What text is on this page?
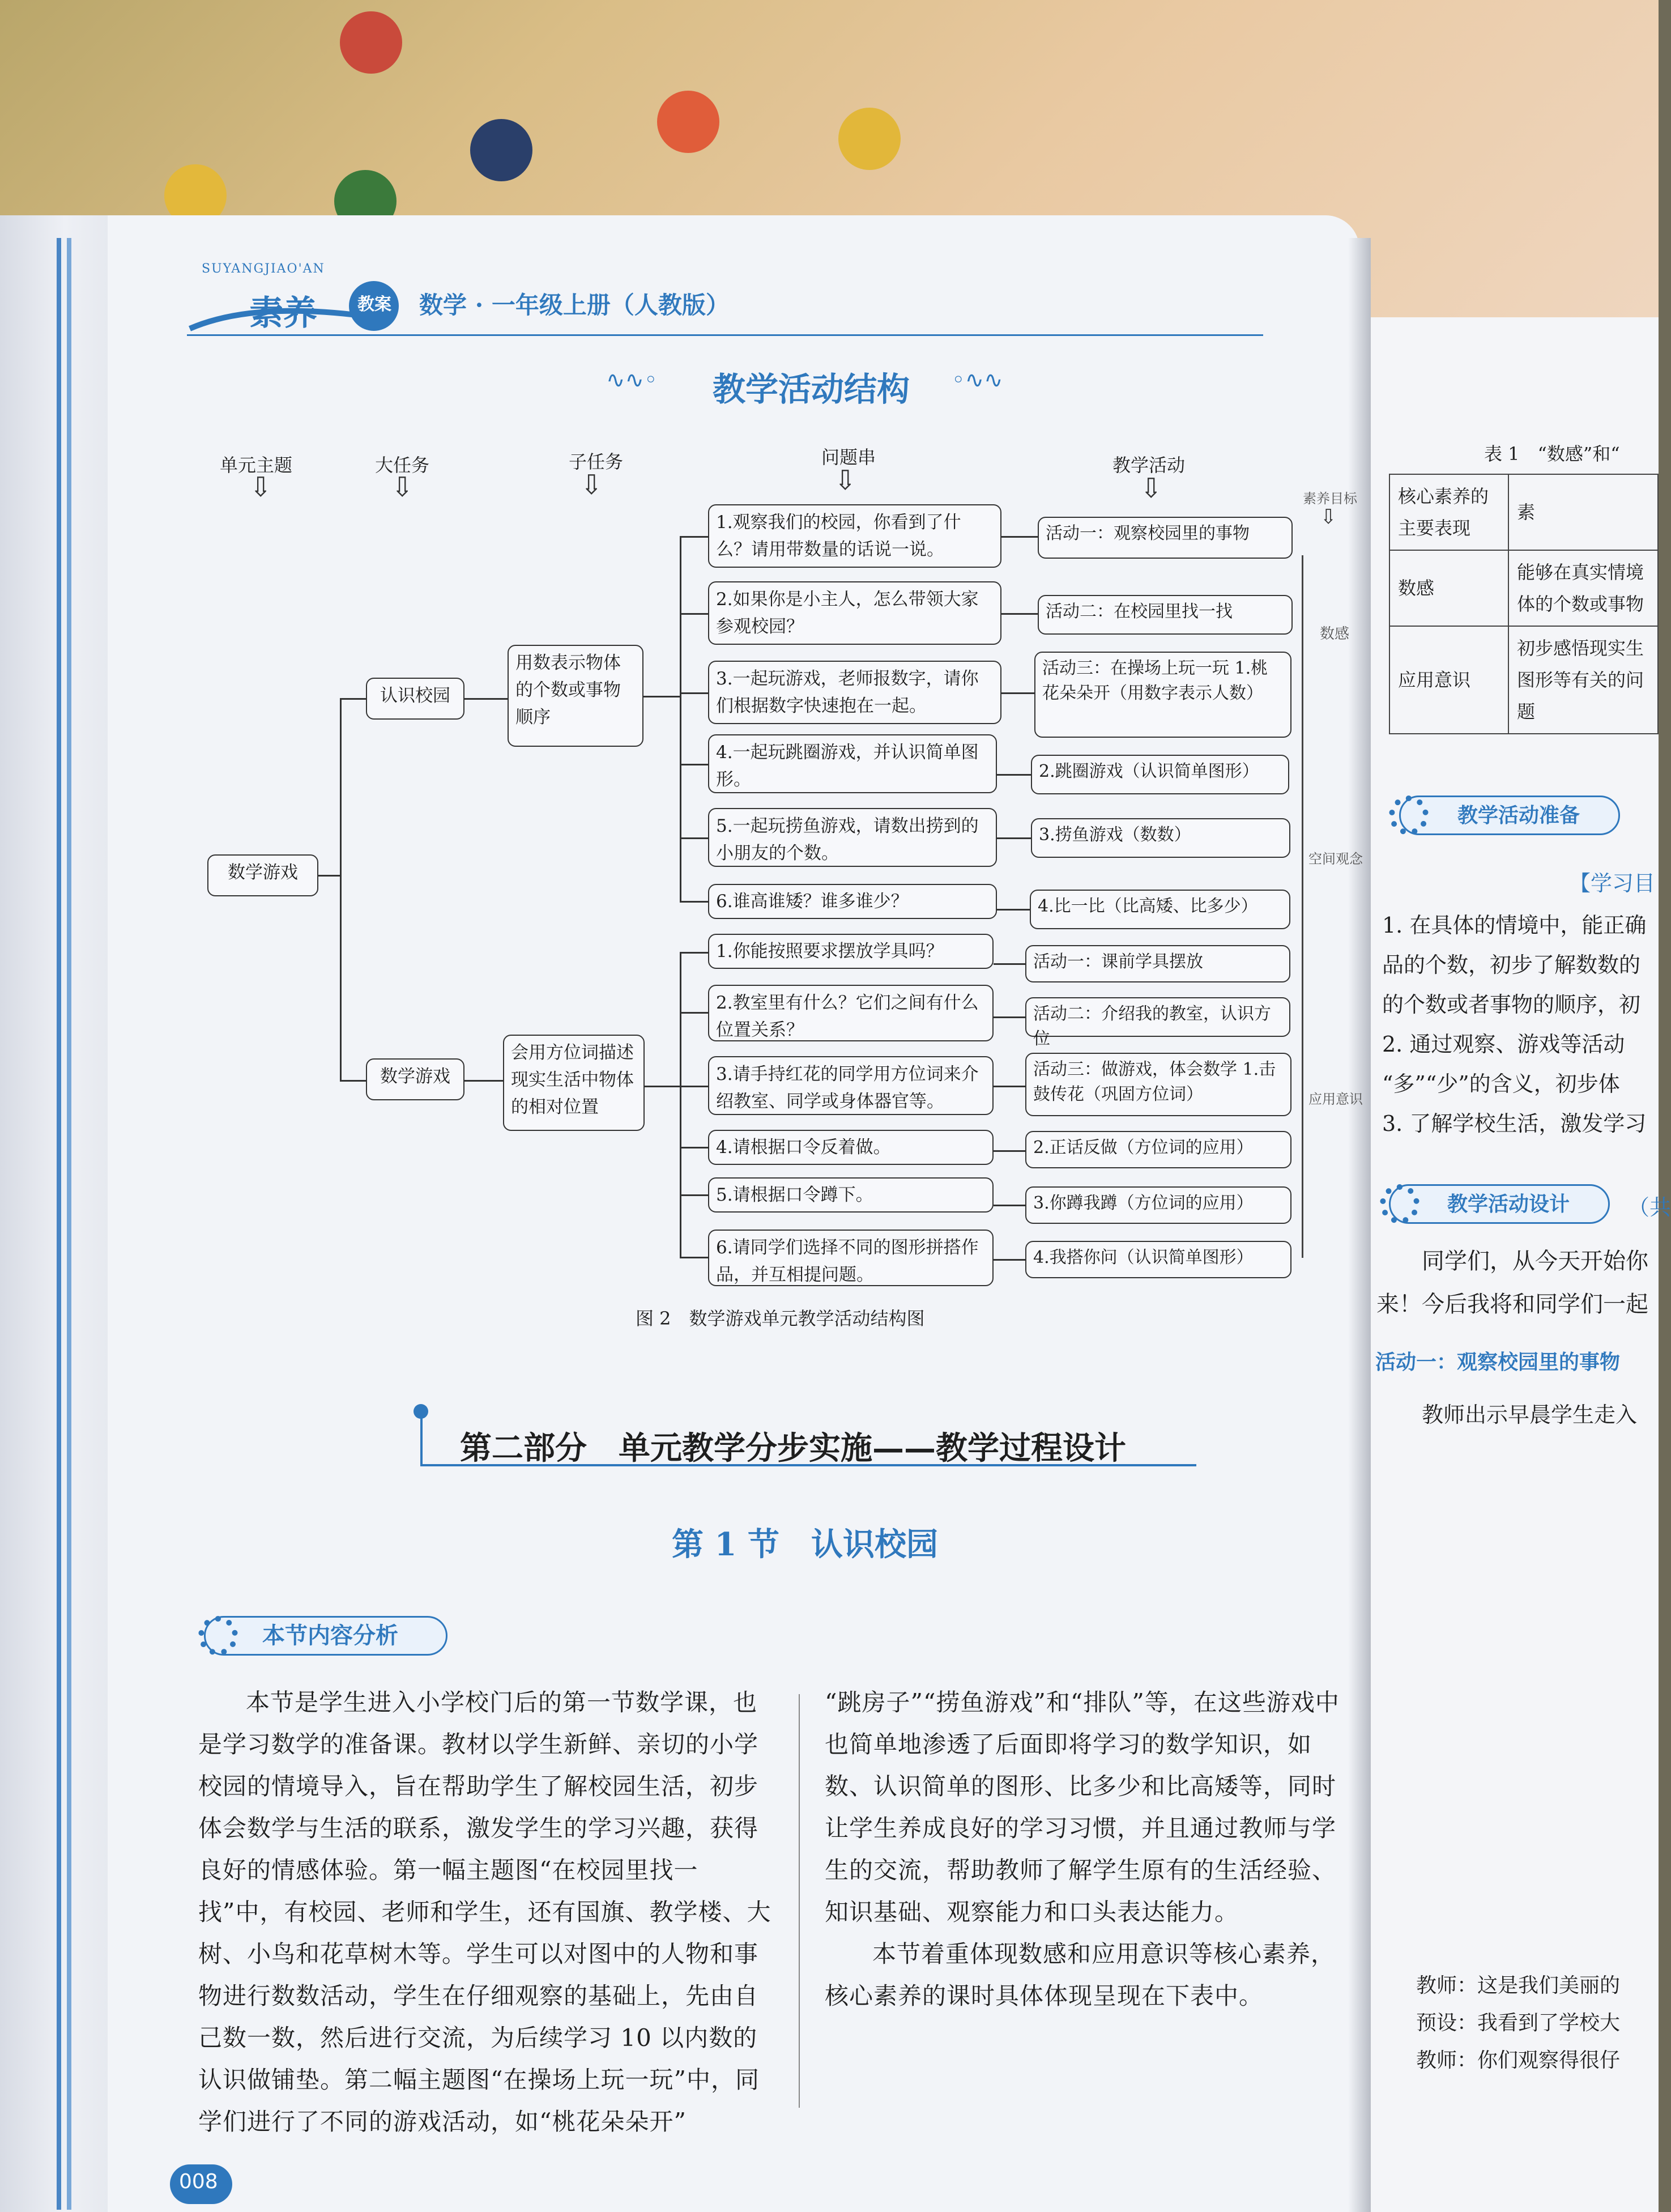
SUYANGJIAO'AN
素养	教案	数学 · 一年级上册（人教版）
∿∿◦ 教学活动结构 ◦∿∿
单元主题	大任务	子任务	问题串	教学活动
⇩	⇩	⇩	⇩	⇩
数学游戏
认识校园
数学游戏
用数表示物体的个数或事物顺序
会用方位词描述现实生活中物体的相对位置
1.观察我们的校园，你看到了什么？请用带数量的话说一说。
2.如果你是小主人，怎么带领大家参观校园？
3.一起玩游戏，老师报数字，请你们根据数字快速抱在一起。
4.一起玩跳圈游戏，并认识简单图形。
5.一起玩捞鱼游戏，请数出捞到的小朋友的个数。
6.谁高谁矮？谁多谁少？
1.你能按照要求摆放学具吗？
2.教室里有什么？它们之间有什么位置关系？
3.请手持红花的同学用方位词来介绍教室、同学或身体器官等。
4.请根据口令反着做。
5.请根据口令蹲下。
6.请同学们选择不同的图形拼搭作品，并互相提问题。
活动一：观察校园里的事物
活动二：在校园里找一找
活动三：在操场上玩一玩 1.桃花朵朵开（用数字表示人数）
2.跳圈游戏（认识简单图形）
3.捞鱼游戏（数数）
4.比一比（比高矮、比多少）
活动一：课前学具摆放
活动二：介绍我的教室，认识方位
活动三：做游戏，体会数学 1.击鼓传花（巩固方位词）
2.正话反做（方位词的应用）
3.你蹲我蹲（方位词的应用）
4.我搭你问（认识简单图形）
素养目标
⇩
数感
空间观念
应用意识
图 2　数学游戏单元教学活动结构图
第二部分　单元教学分步实施——教学过程设计
第 1 节　认识校园
本节内容分析
本节是学生进入小学校门后的第一节数学课，也是学习数学的准备课。教材以学生新鲜、亲切的小学校园的情境导入，旨在帮助学生了解校园生活，初步体会数学与生活的联系，激发学生的学习兴趣，获得良好的情感体验。第一幅主题图“在校园里找一找”中，有校园、老师和学生，还有国旗、教学楼、大树、小鸟和花草树木等。学生可以对图中的人物和事物进行数数活动，学生在仔细观察的基础上，先由自己数一数，然后进行交流，为后续学习 10 以内数的认识做铺垫。第二幅主题图“在操场上玩一玩”中，同学们进行了不同的游戏活动，如“桃花朵朵开”
“跳房子”“捞鱼游戏”和“排队”等，在这些游戏中也简单地渗透了后面即将学习的数学知识，如数、认识简单的图形、比多少和比高矮等，同时让学生养成良好的学习习惯，并且通过教师与学生的交流，帮助教师了解学生原有的生活经验、知识基础、观察能力和口头表达能力。
本节着重体现数感和应用意识等核心素养，核心素养的课时具体体现呈现在下表中。
008
表 1　“数感”和“
核心素养的主要表现	素
数感	能够在真实情境体的个数或事物
应用意识	初步感悟现实生图形等有关的问题
教学活动准备
【学习目
1. 在具体的情境中，能正确
品的个数，初步了解数数的
的个数或者事物的顺序，初
2. 通过观察、游戏等活动
“多”“少”的含义，初步体
3. 了解学校生活，激发学习
教学活动设计	（共
同学们，从今天开始你
来！今后我将和同学们一起
活动一：观察校园里的事物
教师出示早晨学生走入
教师：这是我们美丽的
预设：我看到了学校大
教师：你们观察得很仔
